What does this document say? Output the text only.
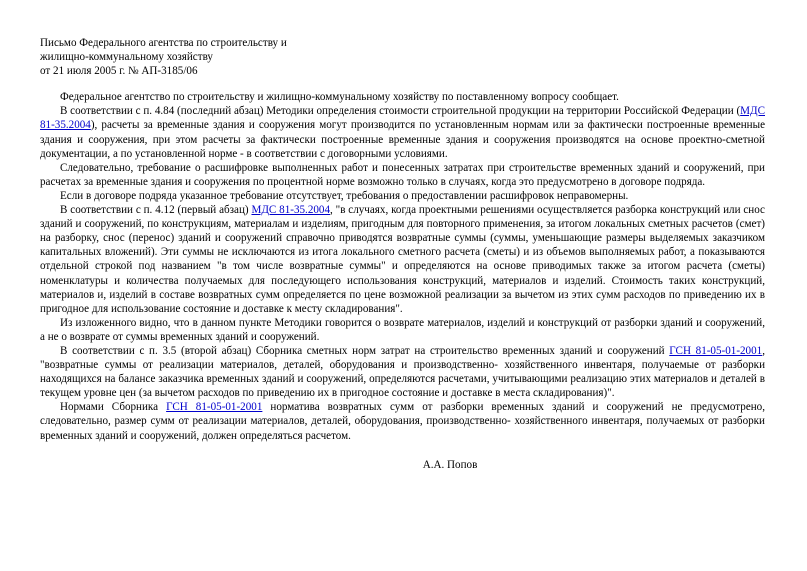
Письмо Федерального агентства по строительству и
жилищно-коммунальному хозяйству
от 21 июля 2005 г. № АП-3185/06

Федеральное агентство по строительству и жилищно-коммунальному хозяйству по поставленному вопросу сообщает.

В соответствии с п. 4.84 (последний абзац) Методики определения стоимости строительной продукции на территории Российской Федерации (МДС 81-35.2004), расчеты за временные здания и сооружения могут производится по установленным нормам или за фактически построенные временные здания и сооружения, при этом расчеты за фактически построенные временные здания и сооружения производятся на основе проектно-сметной документации, а по установленной норме - в соответствии с договорными условиями.

Следовательно, требование о расшифровке выполненных работ и понесенных затратах при строительстве временных зданий и сооружений, при расчетах за временные здания и сооружения по процентной норме возможно только в случаях, когда это предусмотрено в договоре подряда.

Если в договоре подряда указанное требование отсутствует, требования о предоставлении расшифровок неправомерны.

В соответствии с п. 4.12 (первый абзац) МДС 81-35.2004, "в случаях, когда проектными решениями осуществляется разборка конструкций или снос зданий и сооружений, по конструкциям, материалам и изделиям, пригодным для повторного применения, за итогом локальных сметных расчетов (смет) на разборку, снос (перенос) зданий и сооружений справочно приводятся возвратные суммы (суммы, уменьшающие размеры выделяемых заказчиком капитальных вложений). Эти суммы не исключаются из итога локального сметного расчета (сметы) и из объемов выполняемых работ, а показываются отдельной строкой под названием "в том числе возвратные суммы" и определяются на основе приводимых также за итогом расчета (сметы) номенклатуры и количества получаемых для последующего использования конструкций, материалов и изделий. Стоимость таких конструкций, материалов и, изделий в составе возвратных сумм определяется по цене возможной реализации за вычетом из этих сумм расходов по приведению их в пригодное для использование состояние и доставке к месту складирования".

Из изложенного видно, что в данном пункте Методики говорится о возврате материалов, изделий и конструкций от разборки зданий и сооружений, а не о возврате от суммы временных зданий и сооружений.

В соответствии с п. 3.5 (второй абзац) Сборника сметных норм затрат на строительство временных зданий и сооружений ГСН 81-05-01-2001, "возвратные суммы от реализации материалов, деталей, оборудования и производственно- хозяйственного инвентаря, получаемые от разборки находящихся на балансе заказчика временных зданий и сооружений, определяются расчетами, учитывающими реализацию этих материалов и деталей в текущем уровне цен (за вычетом расходов по приведению их в пригодное состояние и доставке в места складирования)".

Нормами Сборника ГСН 81-05-01-2001 норматива возвратных сумм от разборки временных зданий и сооружений не предусмотрено, следовательно, размер сумм от реализации материалов, деталей, оборудования, производственно- хозяйственного инвентаря, получаемых от разборки временных зданий и сооружений, должен определяться расчетом.

А.А. Попов
